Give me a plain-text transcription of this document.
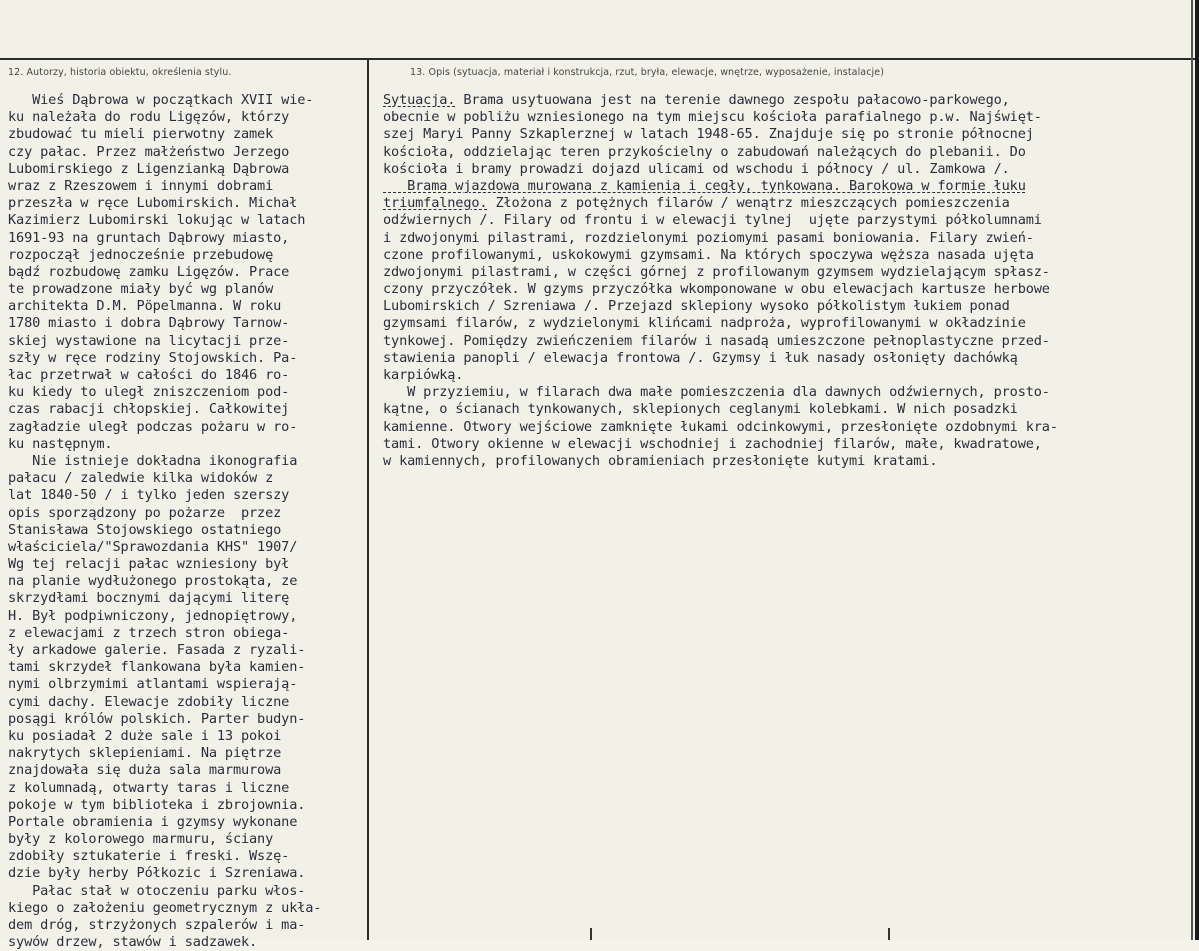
12. Autorzy, historia obiektu, określenia stylu.	13. Opis (sytuacja, materiał i konstrukcja, rzut, bryła, elewacje, wnętrze, wyposażenie, instalacje)
Wieś Dąbrowa w początkach XVII wie-
ku należała do rodu Ligęzów, którzy
zbudować tu mieli pierwotny zamek
czy pałac. Przez małżeństwo Jerzego
Lubomirskiego z Ligenzianką Dąbrowa
wraz z Rzeszowem i innymi dobrami
przeszła w ręce Lubomirskich. Michał
Kazimierz Lubomirski lokując w latach
1691-93 na gruntach Dąbrowy miasto,
rozpoczął jednocześnie przebudowę
bądź rozbudowę zamku Ligęzów. Prace
te prowadzone miały być wg planów
architekta D.M. Pöpelmanna. W roku
1780 miasto i dobra Dąbrowy Tarnow-
skiej wystawione na licytacji prze-
szły w ręce rodziny Stojowskich. Pa-
łac przetrwał w całości do 1846 ro-
ku kiedy to uległ zniszczeniom pod-
czas rabacji chłopskiej. Całkowitej
zagładzie uległ podczas pożaru w ro-
ku następnym.
Nie istnieje dokładna ikonografia
pałacu / zaledwie kilka widoków z
lat 1840-50 / i tylko jeden szerszy
opis sporządzony po pożarze  przez
Stanisława Stojowskiego ostatniego
właściciela/"Sprawozdania KHS" 1907/
Wg tej relacji pałac wzniesiony był
na planie wydłużonego prostokąta, ze
skrzydłami bocznymi dającymi literę
H. Był podpiwniczony, jednopiętrowy,
z elewacjami z trzech stron obiega-
ły arkadowe galerie. Fasada z ryzali-
tami skrzydeł flankowana była kamien-
nymi olbrzymimi atlantami wspierają-
cymi dachy. Elewacje zdobiły liczne
posągi królów polskich. Parter budyn-
ku posiadał 2 duże sale i 13 pokoi
nakrytych sklepieniami. Na piętrze
znajdowała się duża sala marmurowa
z kolumnadą, otwarty taras i liczne
pokoje w tym biblioteka i zbrojownia.
Portale obramienia i gzymsy wykonane
były z kolorowego marmuru, ściany
zdobiły sztukaterie i freski. Wszę-
dzie były herby Półkozic i Szreniawa.
Pałac stał w otoczeniu parku włos-
kiego o założeniu geometrycznym z ukła-
dem dróg, strzyżonych szpalerów i ma-
sywów drzew, stawów i sadzawek.
Sytuacja. Brama usytuowana jest na terenie dawnego zespołu pałacowo-parkowego,
obecnie w pobliżu wzniesionego na tym miejscu kościoła parafialnego p.w. Najświęt-
szej Maryi Panny Szkaplerznej w latach 1948-65. Znajduje się po stronie północnej
kościoła, oddzielając teren przykościelny o zabudowań należących do plebanii. Do
kościoła i bramy prowadzi dojazd ulicami od wschodu i północy / ul. Zamkowa /.
Brama wjazdowa murowana z kamienia i cegły, tynkowana. Barokowa w formie łuku
triumfalnego. Złożona z potężnych filarów / wenątrz mieszczących pomieszczenia
odźwiernych /. Filary od frontu i w elewacji tylnej  ujęte parzystymi półkolumnami
i zdwojonymi pilastrami, rozdzielonymi poziomymi pasami boniowania. Filary zwień-
czone profilowanymi, uskokowymi gzymsami. Na których spoczywa węższa nasada ujęta
zdwojonymi pilastrami, w części górnej z profilowanym gzymsem wydzielającym spłasz-
czony przyczółek. W gzyms przyczółka wkomponowane w obu elewacjach kartusze herbowe
Lubomirskich / Szreniawa /. Przejazd sklepiony wysoko półkolistym łukiem ponad
gzymsami filarów, z wydzielonymi klińcami nadproża, wyprofilowanymi w okładzinie
tynkowej. Pomiędzy zwieńczeniem filarów i nasadą umieszczone pełnoplastyczne przed-
stawienia panopli / elewacja frontowa /. Gzymsy i łuk nasady osłonięty dachówką
karpiówką.
W przyziemiu, w filarach dwa małe pomieszczenia dla dawnych odźwiernych, prosto-
kątne, o ścianach tynkowanych, sklepionych ceglanymi kolebkami. W nich posadzki
kamienne. Otwory wejściowe zamknięte łukami odcinkowymi, przesłonięte ozdobnymi kra-
tami. Otwory okienne w elewacji wschodniej i zachodniej filarów, małe, kwadratowe,
w kamiennych, profilowanych obramieniach przesłonięte kutymi kratami.
